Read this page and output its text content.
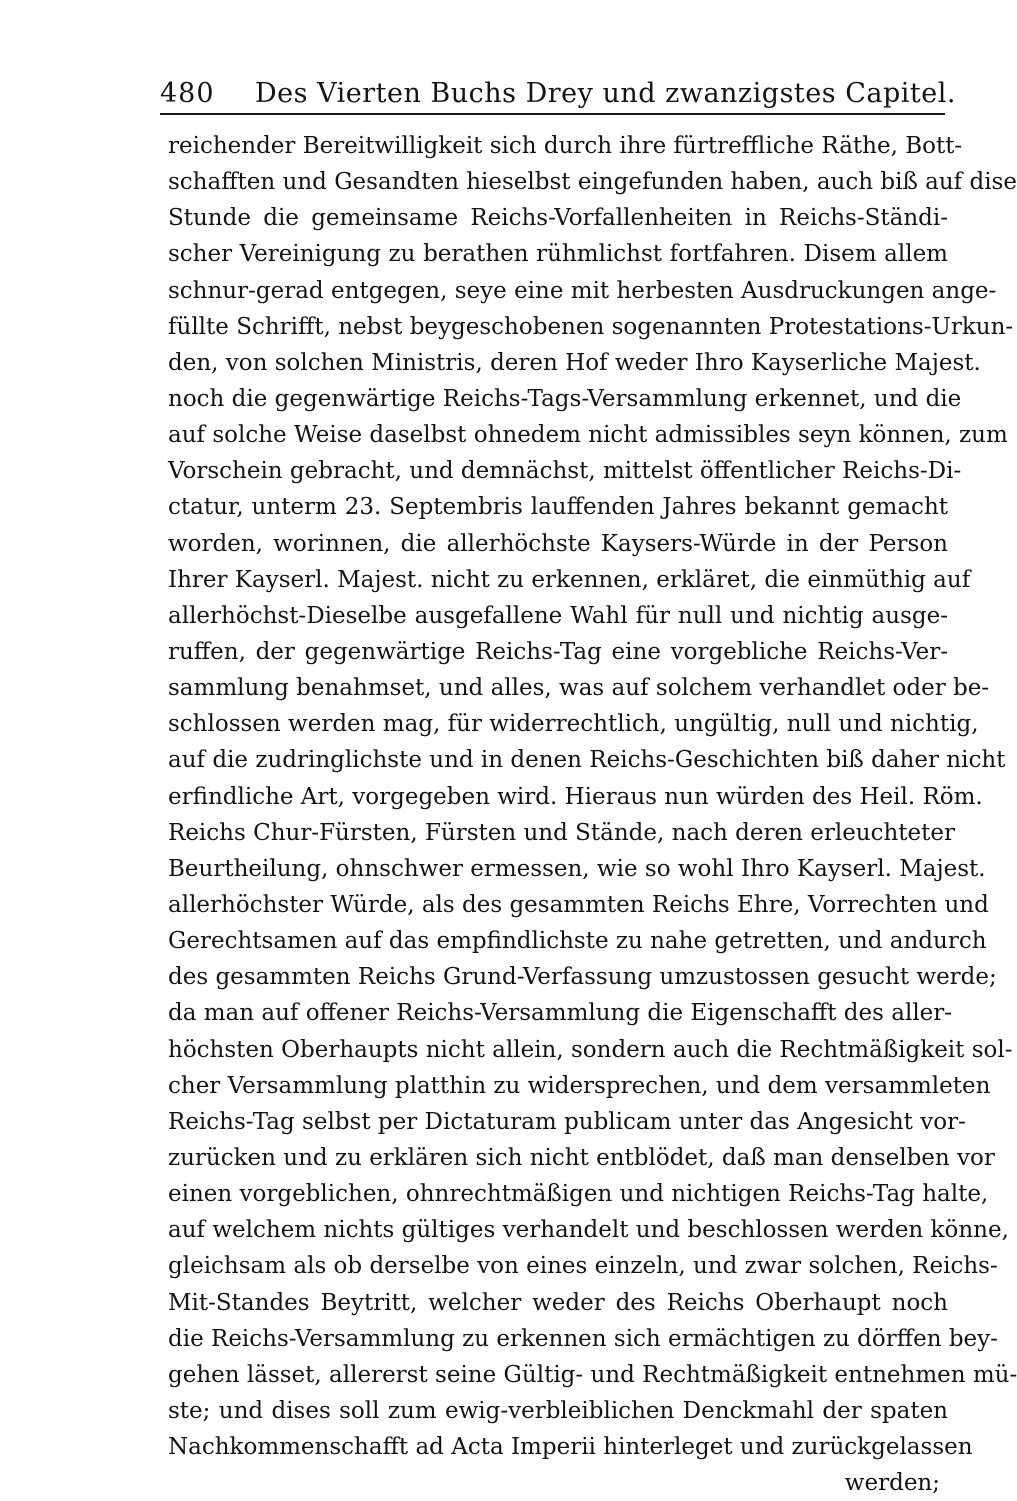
480 Des Vierten Buchs Drey und zwanzigstes Capitel.
reichender Bereitwilligkeit sich durch ihre fürtreffliche Räthe, Bott-
schafften und Gesandten hieselbst eingefunden haben, auch biß auf dise
Stunde die gemeinsame Reichs-Vorfallenheiten in Reichs-Ständi-
scher Vereinigung zu berathen rühmlichst fortfahren. Disem allem
schnur-gerad entgegen, seye eine mit herbesten Ausdruckungen ange-
füllte Schrifft, nebst beygeschobenen sogenannten Protestations-Urkun-
den, von solchen Ministris, deren Hof weder Ihro Kayserliche Majest.
noch die gegenwärtige Reichs-Tags-Versammlung erkennet, und die
auf solche Weise daselbst ohnedem nicht admissibles seyn können, zum
Vorschein gebracht, und demnächst, mittelst öffentlicher Reichs-Di-
ctatur, unterm 23. Septembris lauffenden Jahres bekannt gemacht
worden, worinnen, die allerhöchste Kaysers-Würde in der Person
Ihrer Kayserl. Majest. nicht zu erkennen, erkläret, die einmüthig auf
allerhöchst-Dieselbe ausgefallene Wahl für null und nichtig ausge-
ruffen, der gegenwärtige Reichs-Tag eine vorgebliche Reichs-Ver-
sammlung benahmset, und alles, was auf solchem verhandlet oder be-
schlossen werden mag, für widerrechtlich, ungültig, null und nichtig,
auf die zudringlichste und in denen Reichs-Geschichten biß daher nicht
erfindliche Art, vorgegeben wird. Hieraus nun würden des Heil. Röm.
Reichs Chur-Fürsten, Fürsten und Stände, nach deren erleuchteter
Beurtheilung, ohnschwer ermessen, wie so wohl Ihro Kayserl. Majest.
allerhöchster Würde, als des gesammten Reichs Ehre, Vorrechten und
Gerechtsamen auf das empfindlichste zu nahe getretten, und andurch
des gesammten Reichs Grund-Verfassung umzustossen gesucht werde;
da man auf offener Reichs-Versammlung die Eigenschafft des aller-
höchsten Oberhaupts nicht allein, sondern auch die Rechtmäßigkeit sol-
cher Versammlung platthin zu widersprechen, und dem versammleten
Reichs-Tag selbst per Dictaturam publicam unter das Angesicht vor-
zurücken und zu erklären sich nicht entblödet, daß man denselben vor
einen vorgeblichen, ohnrechtmäßigen und nichtigen Reichs-Tag halte,
auf welchem nichts gültiges verhandelt und beschlossen werden könne,
gleichsam als ob derselbe von eines einzeln, und zwar solchen, Reichs-
Mit-Standes Beytritt, welcher weder des Reichs Oberhaupt noch
die Reichs-Versammlung zu erkennen sich ermächtigen zu dörffen bey-
gehen lässet, allererst seine Gültig- und Rechtmäßigkeit entnehmen mü-
ste; und dises soll zum ewig-verbleiblichen Denckmahl der spaten
Nachkommenschafft ad Acta Imperii hinterleget und zurückgelassen
werden;
